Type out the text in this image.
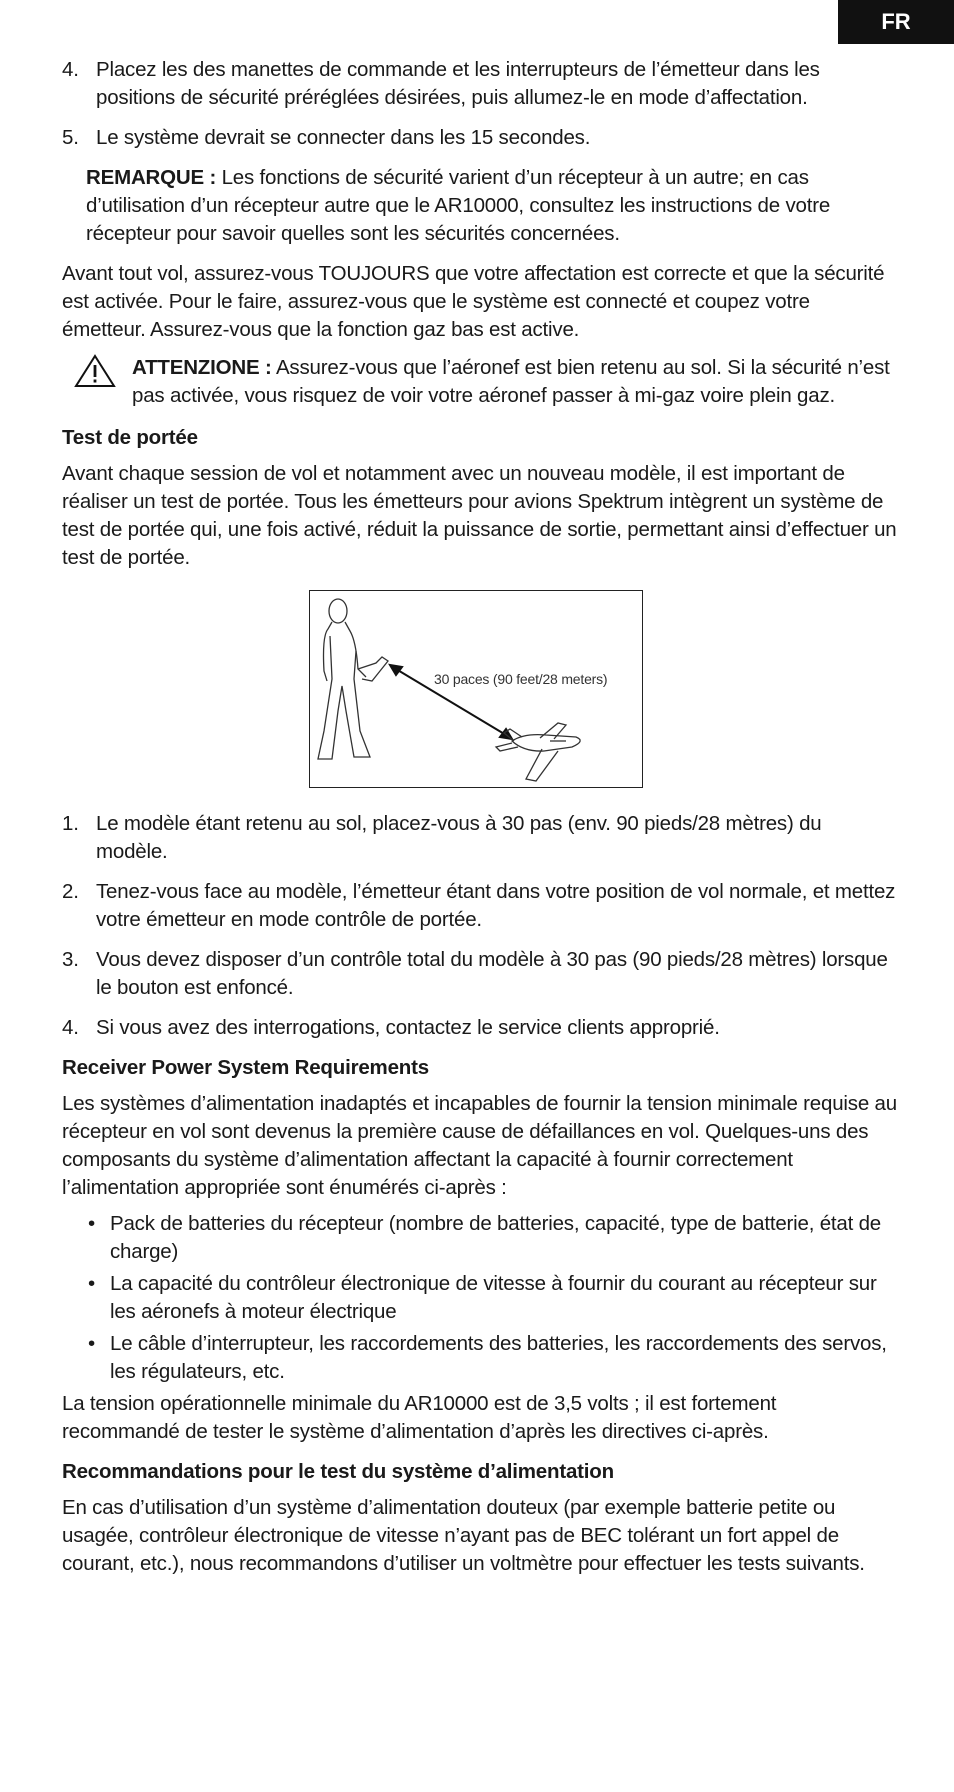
FR
4. Placez les des manettes de commande et les interrupteurs de l’émetteur dans les positions de sécurité préréglées désirées, puis allumez-le en mode d’affectation.
5. Le système devrait se connecter dans les 15 secondes.
REMARQUE : Les fonctions de sécurité varient d’un récepteur à un autre; en cas d’utilisation d’un récepteur autre que le AR10000, consultez les instructions de votre récepteur pour savoir quelles sont les sécurités concernées.

Avant tout vol, assurez-vous TOUJOURS que votre affectation est correcte et que la sécurité est activée. Pour le faire, assurez-vous que le système est connecté et coupez votre émetteur. Assurez-vous que la fonction gaz bas est active.

ATTENZIONE : Assurez-vous que l’aéronef est bien retenu au sol. Si la sécurité n’est pas activée, vous risquez de voir votre aéronef passer à mi-gaz voire plein gaz.
Test de portée

Avant chaque session de vol et notamment avec un nouveau modèle, il est important de réaliser un test de portée. Tous les émetteurs pour avions Spektrum intègrent un système de test de portée qui, une fois activé, réduit la puissance de sortie, permettant ainsi d’effectuer un test de portée.

30 paces (90 feet/28 meters)
1. Le modèle étant retenu au sol, placez-vous à 30 pas (env. 90 pieds/28 mètres) du modèle.
2. Tenez-vous face au modèle, l’émetteur étant dans votre position de vol normale, et mettez votre émetteur en mode contrôle de portée.
3. Vous devez disposer d’un contrôle total du modèle à 30 pas (90 pieds/28 mètres) lorsque le bouton est enfoncé.
4. Si vous avez des interrogations, contactez le service clients approprié.
Receiver Power System Requirements

Les systèmes d’alimentation inadaptés et incapables de fournir la tension minimale requise au récepteur en vol sont devenus la première cause de défaillances en vol. Quelques-uns des composants du système d’alimentation affectant la capacité à fournir correctement l’alimentation appropriée sont énumérés ci-après :

• Pack de batteries du récepteur (nombre de batteries, capacité, type de batterie, état de charge)
• La capacité du contrôleur électronique de vitesse à fournir du courant au récepteur sur les aéronefs à moteur électrique
• Le câble d’interrupteur, les raccordements des batteries, les raccordements des servos, les régulateurs, etc.

La tension opérationnelle minimale du AR10000 est de 3,5 volts ; il est fortement recommandé de tester le système d’alimentation d’après les directives ci-après.

Recommandations pour le test du système d’alimentation

En cas d’utilisation d’un système d’alimentation douteux (par exemple batterie petite ou usagée, contrôleur électronique de vitesse n’ayant pas de BEC tolérant un fort appel de courant, etc.), nous recommandons d’utiliser un voltmètre pour effectuer les tests suivants.
